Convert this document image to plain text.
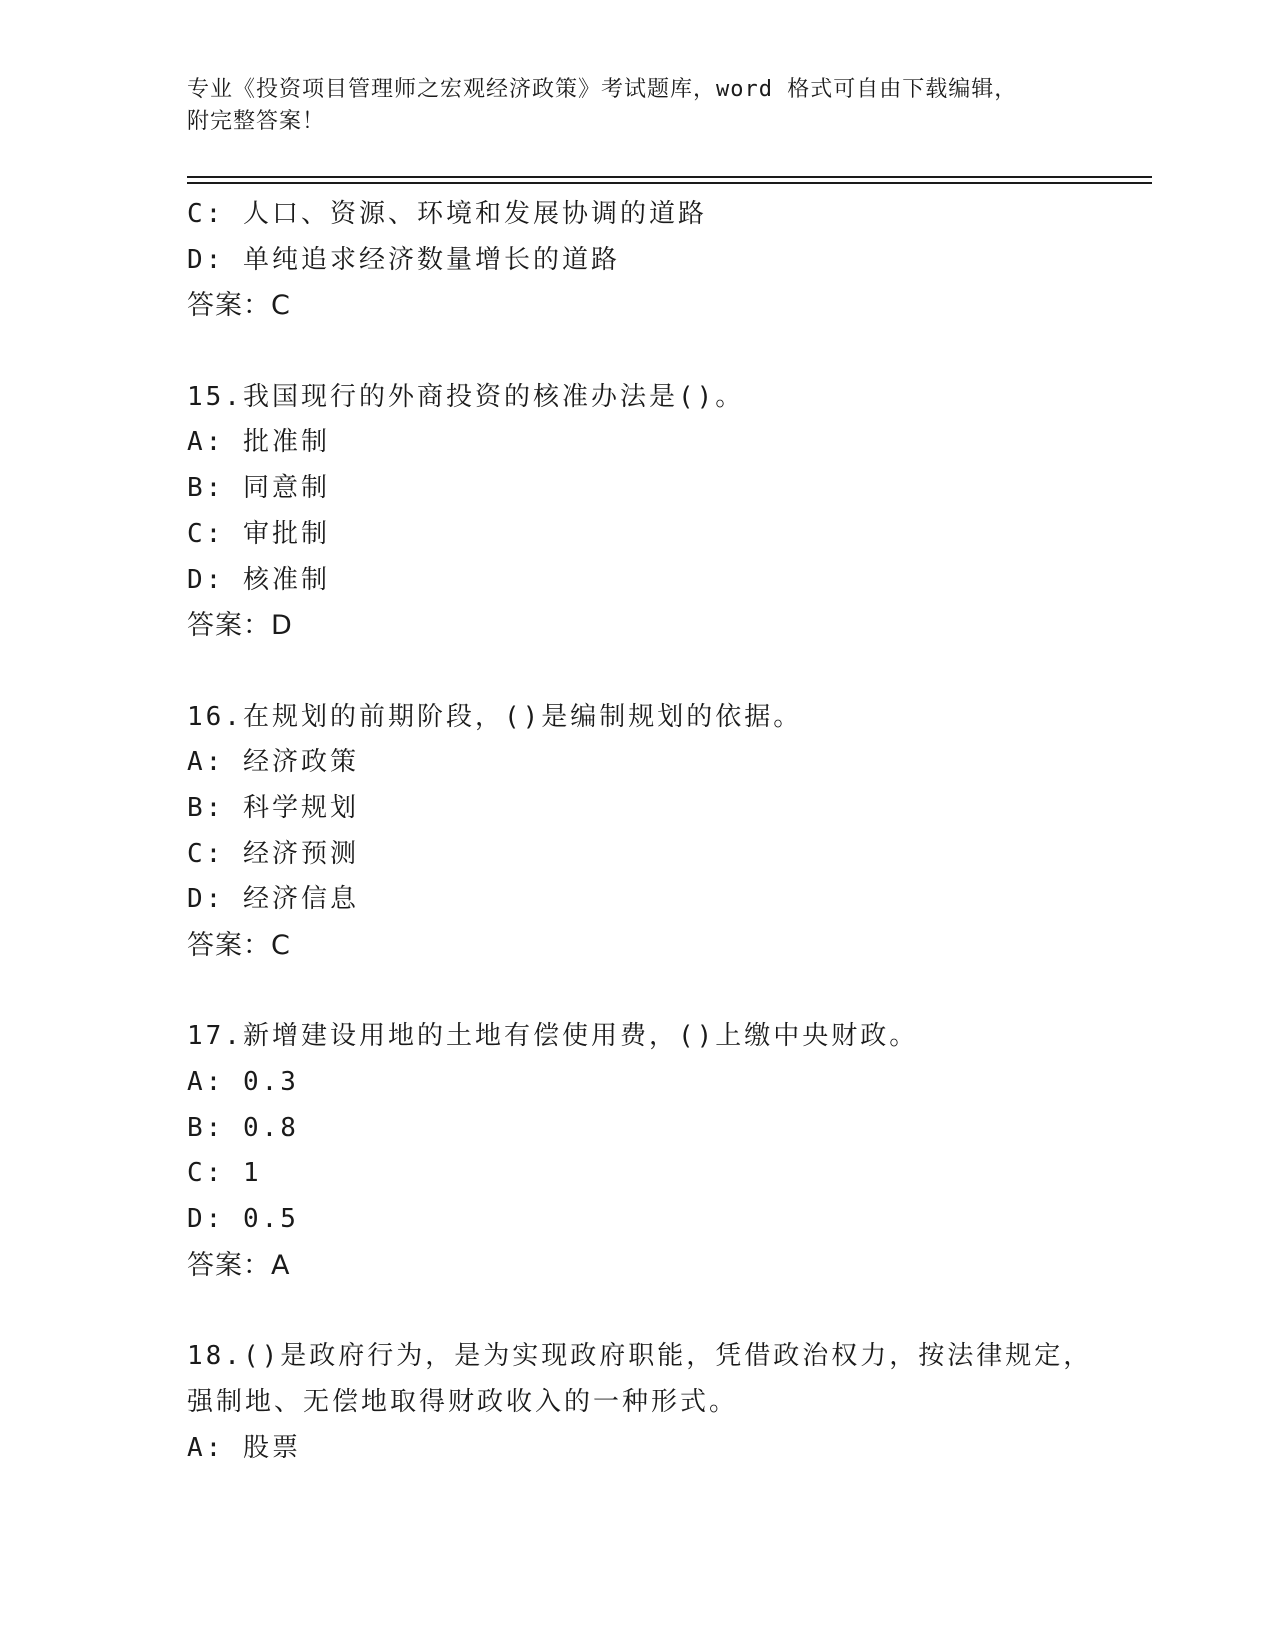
专业《投资项目管理师之宏观经济政策》考试题库，word 格式可自由下载编辑，
附完整答案！
C: 人口、资源、环境和发展协调的道路
D: 单纯追求经济数量增长的道路
答案：C
15.我国现行的外商投资的核准办法是()。
A: 批准制
B: 同意制
C: 审批制
D: 核准制
答案：D
16.在规划的前期阶段，()是编制规划的依据。
A: 经济政策
B: 科学规划
C: 经济预测
D: 经济信息
答案：C
17.新增建设用地的土地有偿使用费，()上缴中央财政。
A: 0.3
B: 0.8
C: 1
D: 0.5
答案：A
18.()是政府行为，是为实现政府职能，凭借政治权力，按法律规定，
强制地、无偿地取得财政收入的一种形式。
A: 股票
